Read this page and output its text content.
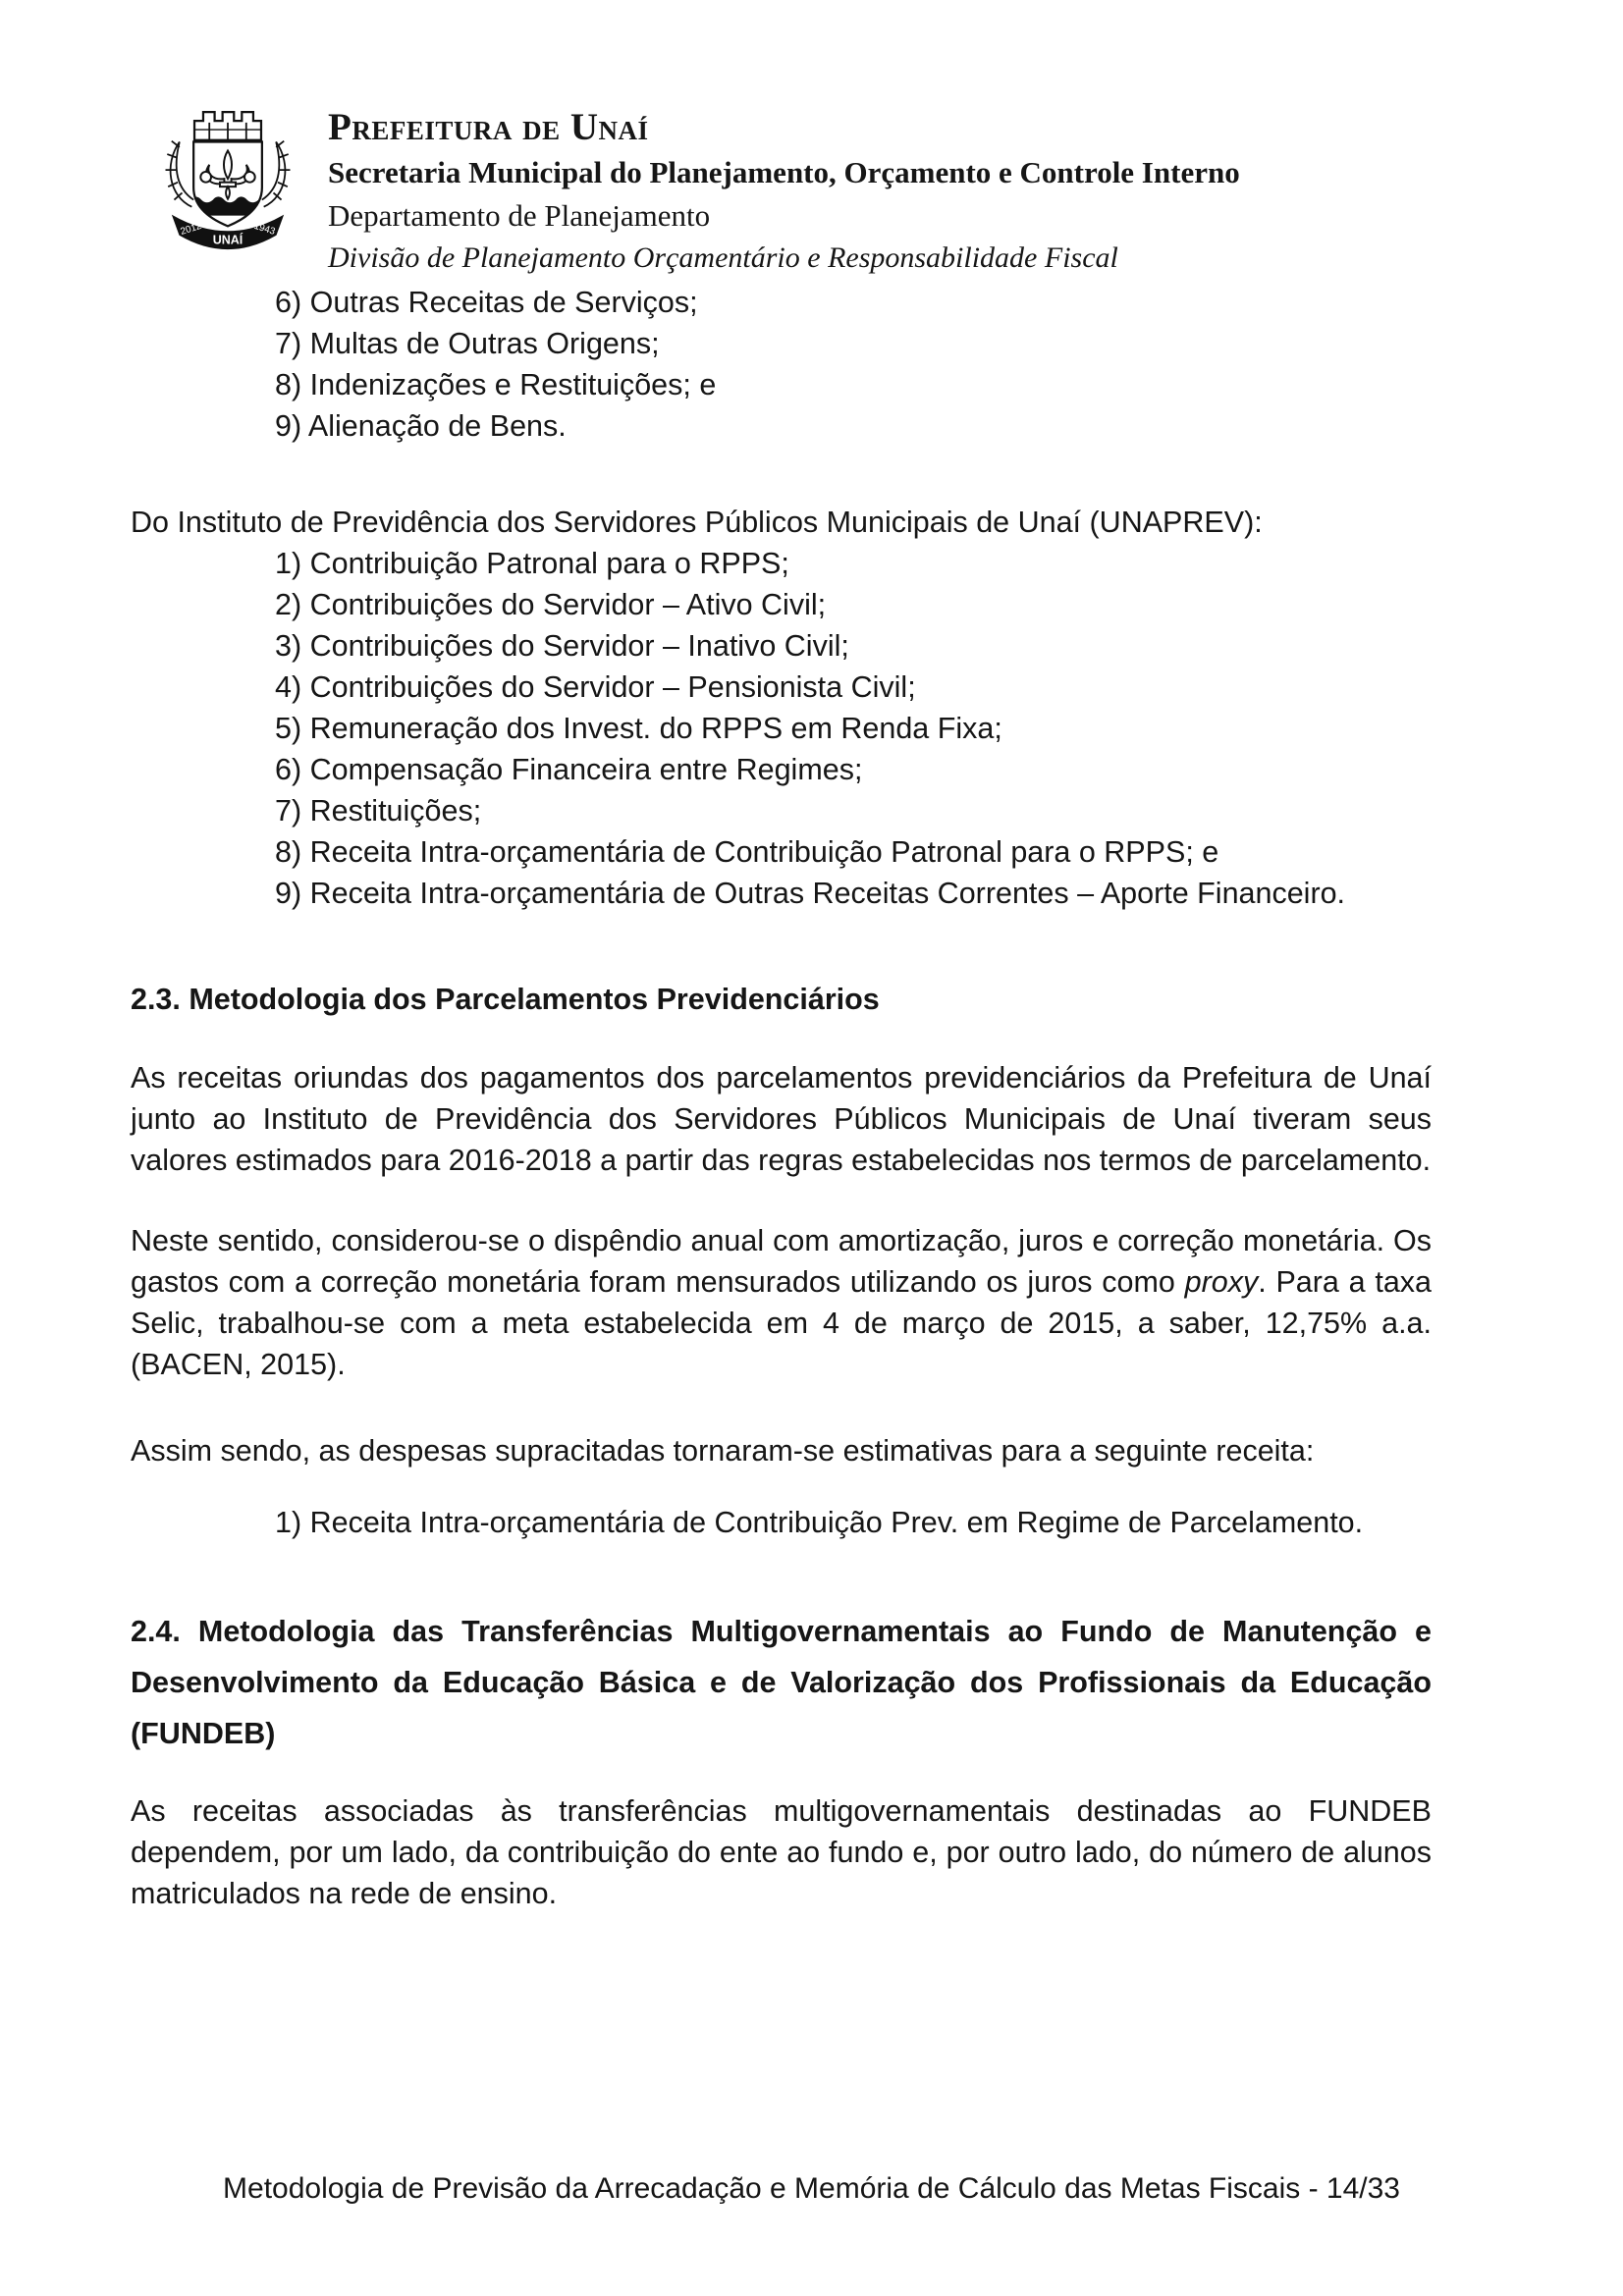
2012
UNAÍ
1943
Prefeitura de Unaí
Secretaria Municipal do Planejamento, Orçamento e Controle Interno
Departamento de Planejamento
Divisão de Planejamento Orçamentário e Responsabilidade Fiscal
6) Outras Receitas de Serviços;
7) Multas de Outras Origens;
8) Indenizações e Restituições; e
9) Alienação de Bens.
Do Instituto de Previdência dos Servidores Públicos Municipais de Unaí (UNAPREV):
1) Contribuição Patronal para o RPPS;
2) Contribuições do Servidor – Ativo Civil;
3) Contribuições do Servidor – Inativo Civil;
4) Contribuições do Servidor – Pensionista Civil;
5) Remuneração dos Invest. do RPPS em Renda Fixa;
6) Compensação Financeira entre Regimes;
7) Restituições;
8) Receita Intra-orçamentária de Contribuição Patronal para o RPPS; e
9) Receita Intra-orçamentária de Outras Receitas Correntes – Aporte Financeiro.
2.3. Metodologia dos Parcelamentos Previdenciários

As receitas oriundas dos pagamentos dos parcelamentos previdenciários da Prefeitura de Unaí junto ao Instituto de Previdência dos Servidores Públicos Municipais de Unaí tiveram seus valores estimados para 2016-2018 a partir das regras estabelecidas nos termos de parcelamento.

Neste sentido, considerou-se o dispêndio anual com amortização, juros e correção monetária. Os gastos com a correção monetária foram mensurados utilizando os juros como proxy. Para a taxa Selic, trabalhou-se com a meta estabelecida em 4 de março de 2015, a saber, 12,75% a.a. (BACEN, 2015).

Assim sendo, as despesas supracitadas tornaram-se estimativas para a seguinte receita:

1) Receita Intra-orçamentária de Contribuição Prev. em Regime de Parcelamento.
2.4. Metodologia das Transferências Multigovernamentais ao Fundo de Manutenção e Desenvolvimento da Educação Básica e de Valorização dos Profissionais da Educação (FUNDEB)

As receitas associadas às transferências multigovernamentais destinadas ao FUNDEB dependem, por um lado, da contribuição do ente ao fundo e, por outro lado, do número de alunos matriculados na rede de ensino.

Metodologia de Previsão da Arrecadação e Memória de Cálculo das Metas Fiscais - 14/33
